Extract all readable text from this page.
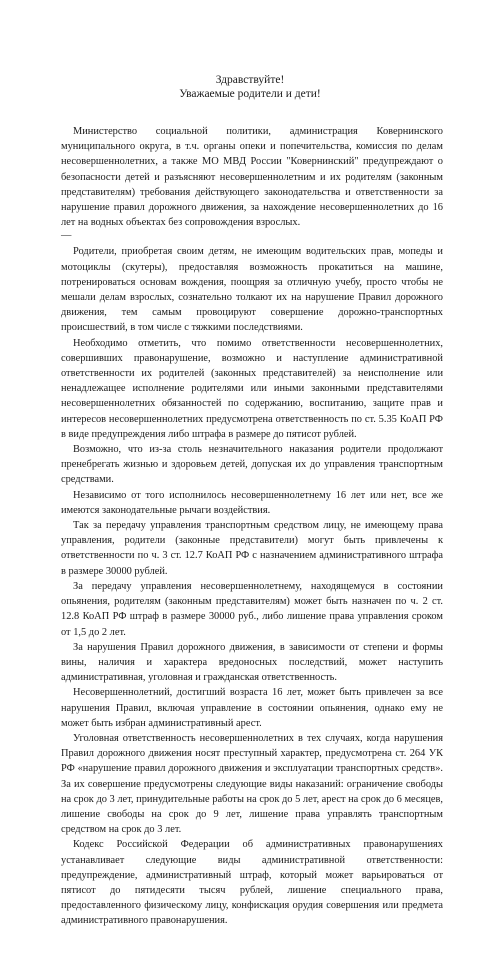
Здравствуйте!

Уважаемые родители и дети!

Министерство социальной политики, администрация Ковернинского муниципального округа, в т.ч. органы опеки и попечительства, комиссия по делам несовершеннолетних, а также МО МВД России "Ковернинский" предупреждают о безопасности детей и разъясняют несовершеннолетним и их родителям (законным представителям) требования действующего законодательства и ответственности за нарушение правил дорожного движения, за нахождение несовершеннолетних до 16 лет на водных объектах без сопровождения взрослых.

—

Родители, приобретая своим детям, не имеющим водительских прав, мопеды и мотоциклы (скутеры), предоставляя возможность прокатиться на машине, потренироваться основам вождения, поощряя за отличную учебу, просто чтобы не мешали делам взрослых, сознательно толкают их на нарушение Правил дорожного движения, тем самым провоцируют совершение дорожно-транспортных происшествий, в том числе с тяжкими последствиями.

Необходимо отметить, что помимо ответственности несовершеннолетних, совершивших правонарушение, возможно и наступление административной ответственности их родителей (законных представителей) за неисполнение или ненадлежащее исполнение родителями или иными законными представителями несовершеннолетних обязанностей по содержанию, воспитанию, защите прав и интересов несовершеннолетних предусмотрена ответственность по ст. 5.35 КоАП РФ в виде предупреждения либо штрафа в размере до пятисот рублей.

Возможно, что из-за столь незначительного наказания родители продолжают пренебрегать жизнью и здоровьем детей, допуская их до управления транспортным средствами.

Независимо от того исполнилось несовершеннолетнему 16 лет или нет, все же имеются законодательные рычаги воздействия.

Так за передачу управления транспортным средством лицу, не имеющему права управления, родители (законные представители) могут быть привлечены к ответственности по ч. 3 ст. 12.7 КоАП РФ с назначением административного штрафа в размере 30000 рублей.

За передачу управления несовершеннолетнему, находящемуся в состоянии опьянения, родителям (законным представителям) может быть назначен по ч. 2 ст. 12.8 КоАП РФ штраф в размере 30000 руб., либо лишение права управления сроком от 1,5 до 2 лет.

За нарушения Правил дорожного движения, в зависимости от степени и формы вины, наличия и характера вредоносных последствий, может наступить административная, уголовная и гражданская ответственность.

Несовершеннолетний, достигший возраста 16 лет, может быть привлечен за все нарушения Правил, включая управление в состоянии опьянения, однако ему не может быть избран административный арест.

Уголовная ответственность несовершеннолетних в тех случаях, когда нарушения Правил дорожного движения носят преступный характер, предусмотрена ст. 264 УК РФ «нарушение правил дорожного движения и эксплуатации транспортных средств». За их совершение предусмотрены следующие виды наказаний: ограничение свободы на срок до 3 лет, принудительные работы на срок до 5 лет, арест на срок до 6 месяцев, лишение свободы на срок до 9 лет, лишение права управлять транспортным средством на срок до 3 лет.

Кодекс Российской Федерации об административных правонарушениях устанавливает следующие виды административной ответственности: предупреждение, административный штраф, который может варьироваться от пятисот до пятидесяти тысяч рублей, лишение специального права, предоставленного физическому лицу, конфискация орудия совершения или предмета административного правонарушения.
